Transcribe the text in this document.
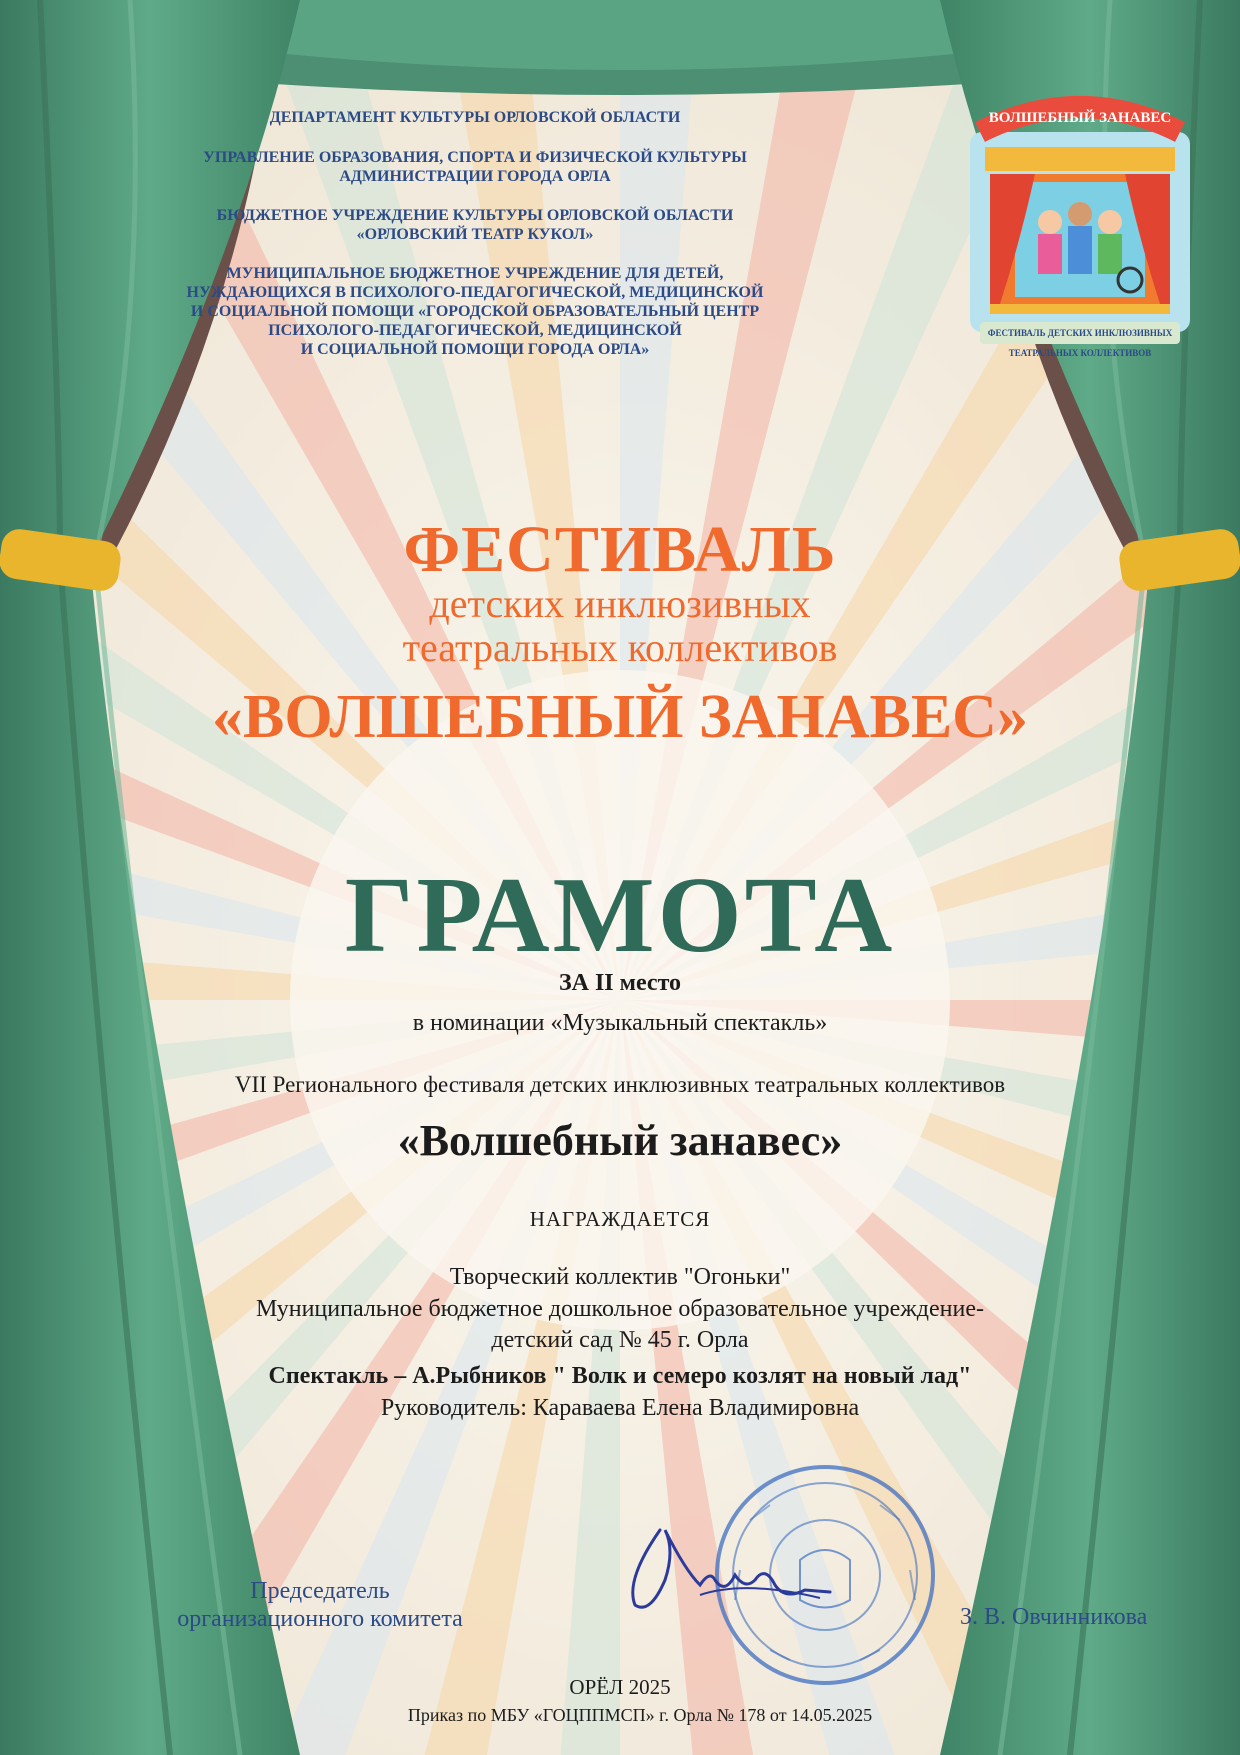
ДЕПАРТАМЕНТ КУЛЬТУРЫ ОРЛОВСКОЙ ОБЛАСТИ
УПРАВЛЕНИЕ ОБРАЗОВАНИЯ, СПОРТА И ФИЗИЧЕСКОЙ КУЛЬТУРЫ
АДМИНИСТРАЦИИ ГОРОДА ОРЛА
БЮДЖЕТНОЕ УЧРЕЖДЕНИЕ КУЛЬТУРЫ ОРЛОВСКОЙ ОБЛАСТИ
«ОРЛОВСКИЙ ТЕАТР КУКОЛ»
МУНИЦИПАЛЬНОЕ БЮДЖЕТНОЕ УЧРЕЖДЕНИЕ ДЛЯ ДЕТЕЙ,
НУЖДАЮЩИХСЯ В ПСИХОЛОГО-ПЕДАГОГИЧЕСКОЙ, МЕДИЦИНСКОЙ
И СОЦИАЛЬНОЙ ПОМОЩИ «ГОРОДСКОЙ ОБРАЗОВАТЕЛЬНЫЙ ЦЕНТР
ПСИХОЛОГО-ПЕДАГОГИЧЕСКОЙ, МЕДИЦИНСКОЙ
И СОЦИАЛЬНОЙ ПОМОЩИ ГОРОДА ОРЛА»
ВОЛШЕБНЫЙ ЗАНАВЕС
ФЕСТИВАЛЬ ДЕТСКИХ ИНКЛЮЗИВНЫХ
ТЕАТРАЛЬНЫХ КОЛЛЕКТИВОВ
ФЕСТИВАЛЬ
детских инклюзивных
театральных коллективов
«ВОЛШЕБНЫЙ ЗАНАВЕС»
ГРАМОТА
ЗА II место
в номинации «Музыкальный спектакль»
VII Регионального фестиваля детских инклюзивных театральных коллективов
«Волшебный занавес»
НАГРАЖДАЕТСЯ
Творческий коллектив "Огоньки"
Муниципальное бюджетное дошкольное образовательное учреждение-
детский сад № 45 г. Орла
Спектакль – А.Рыбников " Волк и семеро козлят на новый лад"
Руководитель: Караваева Елена Владимировна
Председатель
организационного комитета	З. В. Овчинникова
ОРЁЛ 2025
Приказ по МБУ «ГОЦППМСП» г. Орла № 178 от 14.05.2025
